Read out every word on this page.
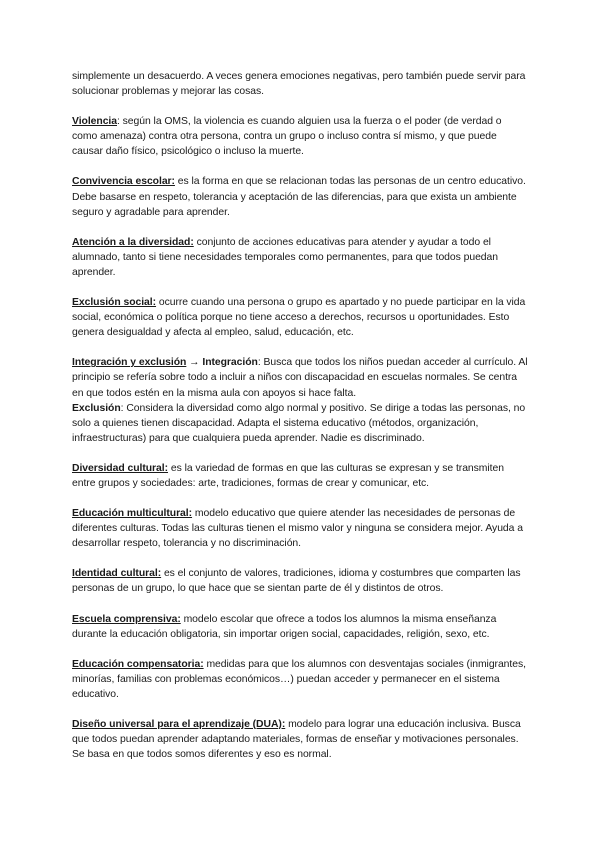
simplemente un desacuerdo. A veces genera emociones negativas, pero también puede servir para solucionar problemas y mejorar las cosas.

Violencia: según la OMS, la violencia es cuando alguien usa la fuerza o el poder (de verdad o como amenaza) contra otra persona, contra un grupo o incluso contra sí mismo, y que puede causar daño físico, psicológico o incluso la muerte.

Convivencia escolar: es la forma en que se relacionan todas las personas de un centro educativo. Debe basarse en respeto, tolerancia y aceptación de las diferencias, para que exista un ambiente seguro y agradable para aprender.

Atención a la diversidad: conjunto de acciones educativas para atender y ayudar a todo el alumnado, tanto si tiene necesidades temporales como permanentes, para que todos puedan aprender.

Exclusión social: ocurre cuando una persona o grupo es apartado y no puede participar en la vida social, económica o política porque no tiene acceso a derechos, recursos u oportunidades. Esto genera desigualdad y afecta al empleo, salud, educación, etc.

Integración y exclusión → Integración: Busca que todos los niños puedan acceder al currículo. Al principio se refería sobre todo a incluir a niños con discapacidad en escuelas normales. Se centra en que todos estén en la misma aula con apoyos si hace falta.
Exclusión: Considera la diversidad como algo normal y positivo. Se dirige a todas las personas, no solo a quienes tienen discapacidad. Adapta el sistema educativo (métodos, organización, infraestructuras) para que cualquiera pueda aprender. Nadie es discriminado.

Diversidad cultural: es la variedad de formas en que las culturas se expresan y se transmiten entre grupos y sociedades: arte, tradiciones, formas de crear y comunicar, etc.

Educación multicultural: modelo educativo que quiere atender las necesidades de personas de diferentes culturas. Todas las culturas tienen el mismo valor y ninguna se considera mejor. Ayuda a desarrollar respeto, tolerancia y no discriminación.

Identidad cultural: es el conjunto de valores, tradiciones, idioma y costumbres que comparten las personas de un grupo, lo que hace que se sientan parte de él y distintos de otros.

Escuela comprensiva: modelo escolar que ofrece a todos los alumnos la misma enseñanza durante la educación obligatoria, sin importar origen social, capacidades, religión, sexo, etc.

Educación compensatoria: medidas para que los alumnos con desventajas sociales (inmigrantes, minorías, familias con problemas económicos…) puedan acceder y permanecer en el sistema educativo.

Diseño universal para el aprendizaje (DUA): modelo para lograr una educación inclusiva. Busca que todos puedan aprender adaptando materiales, formas de enseñar y motivaciones personales. Se basa en que todos somos diferentes y eso es normal.
